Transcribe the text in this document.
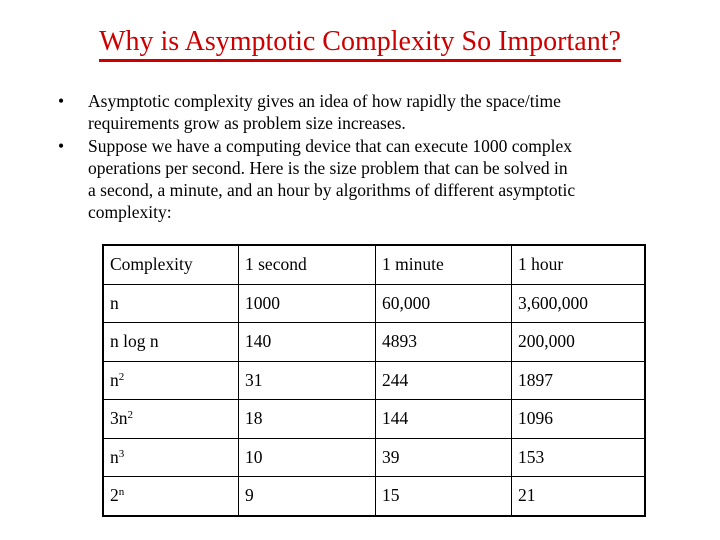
Why is Asymptotic Complexity So Important?
• Asymptotic complexity gives an idea of how rapidly the space/time
requirements grow as problem size increases.
• Suppose we have a computing device that can execute 1000 complex
operations per second. Here is the size problem that can be solved in
a second, a minute, and an hour by algorithms of different asymptotic
complexity:
Complexity	1 second	1 minute	1 hour
n	1000	60,000	3,600,000
n log n	140	4893	200,000
$n^2$	31	244	1897
$3n^2$	18	144	1096
$n^3$	10	39	153
2$^n$	9	15	21
